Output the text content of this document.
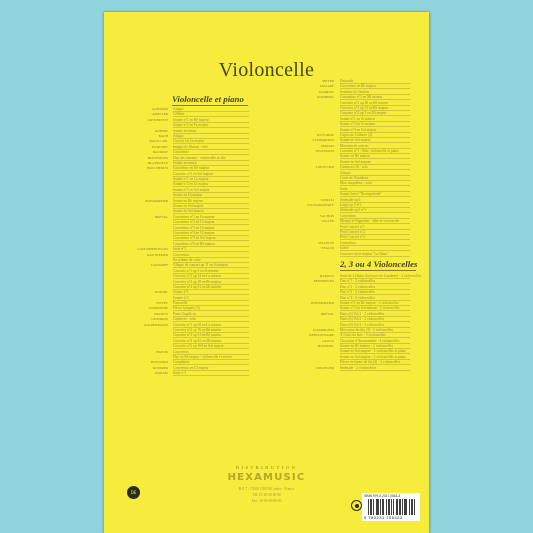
Violoncelle
Violoncelle et piano
ALBINONI Adagio
AMELLER Célèbre
ANTONIOTTI Sonate n°1 en Ré majeur
Sonate n°2 en Fa majeur
AUBERT Sonate ancienne
BACH Adagio
BACH C.P.E. Concert en La majeur
BARCHET Images de Mozart - solo
BAUDIOT Concertino
BEETHOVEN Duo des lunettes - violoncelle et alto
BLAINVILLE Sonate ancienne
BOCCHERINI Concertino en Ré majeur
Concerto n°2 en Sol majeur
Sonate n°1 en La majeur
Sonate n°2 en Ut majeur
Sonate n°3 en Sol majeur
Sonate en Ut majeur
BOISMORTIER Sonate en Ré majeur
Sonate en Sol majeur
Sonate en Sol mineur
BRÉVAL Concertino n°1 en Fa majeur
Concertino n°2 en Ut majeur
Concertino n°3 en Ut majeur
Concertino n°4 en Ut majeur
Concertino n°5 en Sol majeur
Concertino n°6 en Ré majeur
CAIX D'HERVELOIS Suite n°2
DAUTREMER Concertino
En rythme de valse
DAVIDOFF Allegro de concert op 11 en Si mineur
Concerto n°1 op 5 en Si mineur
Concerto n°2 op 14 en La mineur
Concerto n°3 op 18 en Ré majeur
Concerto n°4 op 31 en Mi mineur
DUPORT Sonate n°1
Sonate n°2
FIEVET Pastorelle
FOMBONNE Pièces lyriques (3)
FRANCK Panis Angelicus
GENDRON Cadences - solo
GOLDERMANN Concerto n°1 op 65 en La mineur
Concerto n°2 op 76 en Ré mineur
Concerto n°3 op 51 en Ré mineur
Concerto n°4 op 82 en Mi mineur
Concerto n°6 op 104 en Sol majeur
HAYDN Concertino
Duo en Ré majeur - violoncelle et violon
HOUDARD Complainte
KUMMER Concertino en Ut majeur
MARAIS Suite n°1
MEYER Pastorale
MOZART Concertino en Ré majeur
RAMEAU Sonatine de l'ancien
ROMBERG Concertino n°1 en Mi mineur
Concerto n°2 op 38 en Ré mineur
Concerto n°3 op 31 en Ré majeur
Concerto n°4 op 5 en Mi majeur
Sonate n°1 en Si mineur
Sonate n°2 en Ut majeur
Sonate n°3 en Sol majeur
RUYGROK Capriccio Callasso (3)
SAMMARTINI Sonate en Sol majeur
SERVAIS Morceau de concert
TELEMANN Concerto n°1 - flûte, violoncelle et piano
Sonate en Ré majeur
Sonate en Sol majeur
TORTELIER Cadences (4) - solo
Adagio
Conte de l'Irradiant
Mon cinquième - solo
Suite
Sonate brève "Rossignolade"
TOSELLI Sérénade op 6
TSCHAIKOWSKY Largo op 5 n°1
Sérénade op 6 n°1
VACHON Concertino
VALLÉE Menuet et Rigaudon - flûte et violoncelle
Petit Concert n°1
Petit Concert n°2
Petit Concert n°3
VILLETTE Concertino
VIVALDI Grave
Concerto en fa majeur "La Notte"
2, 3 ou 4 Violoncelles
BAROCK Suite de 4 (Suite d'oeuvres de 4 maîtres) - 4 violoncelles
BEETHOVEN Duo n°1 - 2 violoncelles
Duo n°2 - 2 violoncelles
Duo n°3 - 2 violoncelles
Duo n°4 - 2 violoncelles
BOISMORTIER Sonate n°1 en Ré majeur - 2 violoncelles
Sonate n°2 en Sol mineur - 2 violoncelles
BRÉVAL Duos (6) Vol.1 - 2 violoncelles
Duos (6) Vol.2 - 2 violoncelles
Duos (6) Vol.3 - 2 violoncelles
D'AMBROSIO Morceaux faciles (3) - 2 violoncelles
DEPELSENAIRE À l'orée du bois - 3 violoncelles
GLUCK Chaconne d'Amusements - 4 violoncelles
HAENDEL Sonate en Ré mineur - 2 violoncelles
Sonate en Sol majeur - 2 violoncelles et piano
Sonate en Sol majeur - 2 violoncelles et piano
Pièces en forme de fin (4) - 2 violoncelles
TORTELIER Sérénade - 2 violoncelles
DISTRIBUTION
HEXAMUSIC
B.P. 7 - 75461 CRONE cedex - France
T.R. 01 60 00 00 00
Fax : 01 60 00 00 00
DE
ISMN 979-0-2317-0542-3
9 790231 705423
